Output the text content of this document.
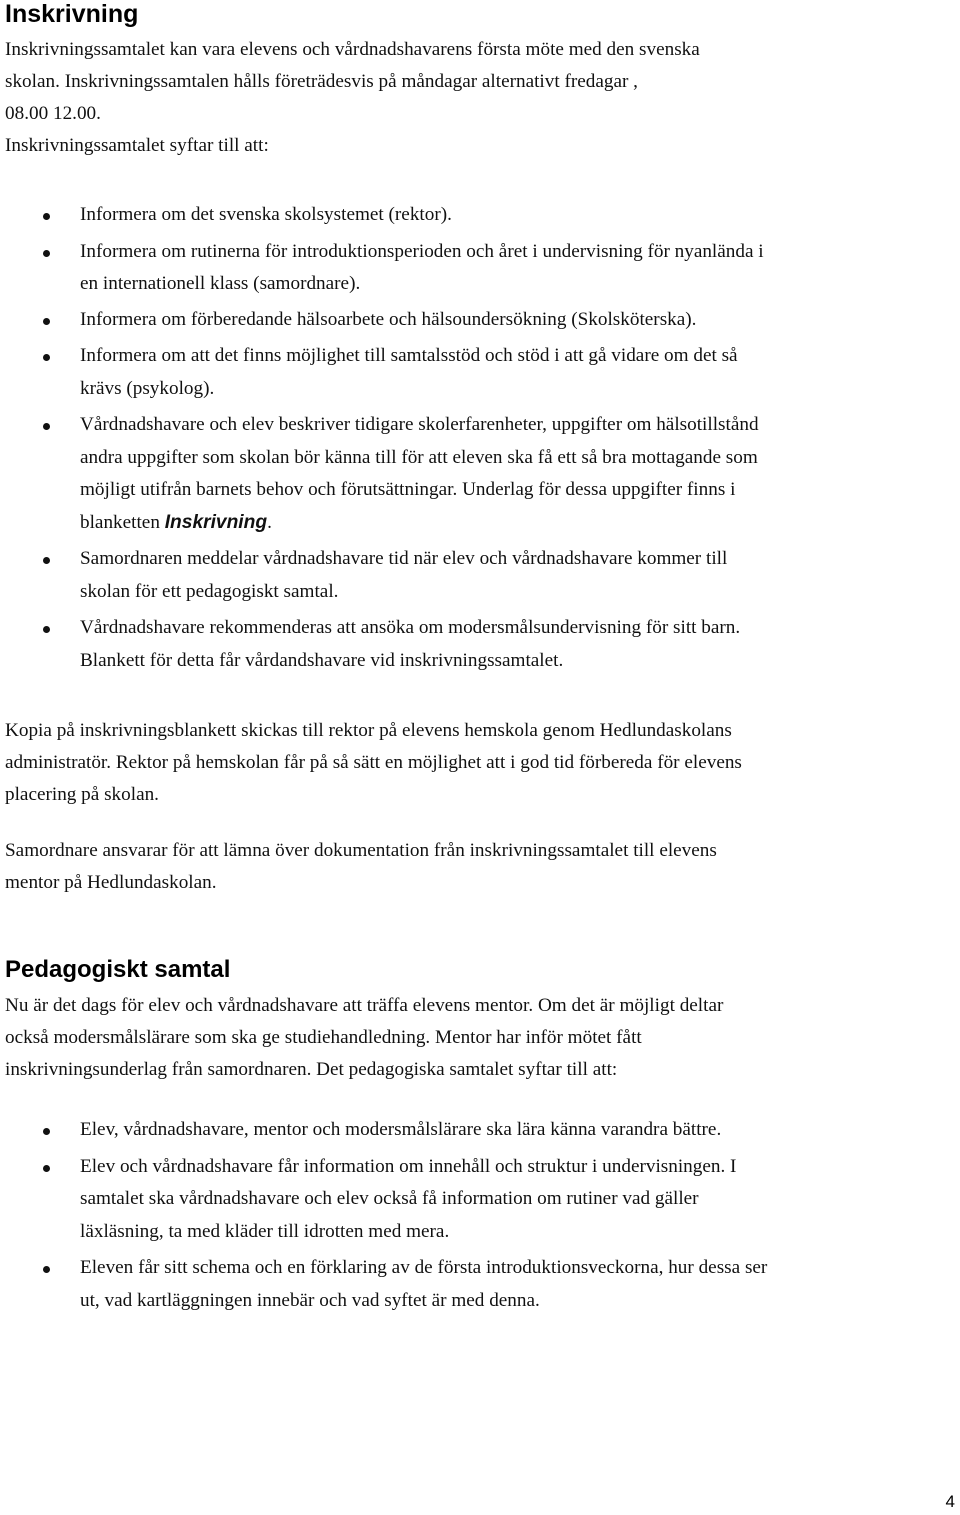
Inskrivning

Inskrivningssamtalet kan vara elevens och vårdnadshavarens första möte med den svenska

skolan. Inskrivningssamtalen hålls företrädesvis på måndagar alternativt fredagar ,

08.00 12.00.

Inskrivningssamtalet syftar till att:

Informera om det svenska skolsystemet (rektor).
Informera om rutinerna för introduktionsperioden och året i undervisning för nyanlända i
en internationell klass (samordnare).
Informera om förberedande hälsoarbete och hälsoundersökning (Skolsköterska).
Informera om att det finns möjlighet till samtalsstöd och stöd i att gå vidare om det så
krävs (psykolog).
Vårdnadshavare och elev beskriver tidigare skolerfarenheter, uppgifter om hälsotillstånd
andra uppgifter som skolan bör känna till för att eleven ska få ett så bra mottagande som
möjligt utifrån barnets behov och förutsättningar. Underlag för dessa uppgifter finns i
blanketten Inskrivning.
Samordnaren meddelar vårdnadshavare tid när elev och vårdnadshavare kommer till
skolan för ett pedagogiskt samtal.
Vårdnadshavare rekommenderas att ansöka om modersmålsundervisning för sitt barn.
Blankett för detta får vårdandshavare vid inskrivningssamtalet.

Kopia på inskrivningsblankett skickas till rektor på elevens hemskola genom Hedlundaskolans

administratör. Rektor på hemskolan får på så sätt en möjlighet att i god tid förbereda för elevens

placering på skolan.

Samordnare ansvarar för att lämna över dokumentation från inskrivningssamtalet till elevens

mentor på Hedlundaskolan.

Pedagogiskt samtal

Nu är det dags för elev och vårdnadshavare att träffa elevens mentor. Om det är möjligt deltar

också modersmålslärare som ska ge studiehandledning. Mentor har inför mötet fått

inskrivningsunderlag från samordnaren. Det pedagogiska samtalet syftar till att:

Elev, vårdnadshavare, mentor och modersmålslärare ska lära känna varandra bättre.
Elev och vårdnadshavare får information om innehåll och struktur i undervisningen. I
samtalet ska vårdnadshavare och elev också få information om rutiner vad gäller
läxläsning, ta med kläder till idrotten med mera.
Eleven får sitt schema och en förklaring av de första introduktionsveckorna, hur dessa ser
ut, vad kartläggningen innebär och vad syftet är med denna.
4
